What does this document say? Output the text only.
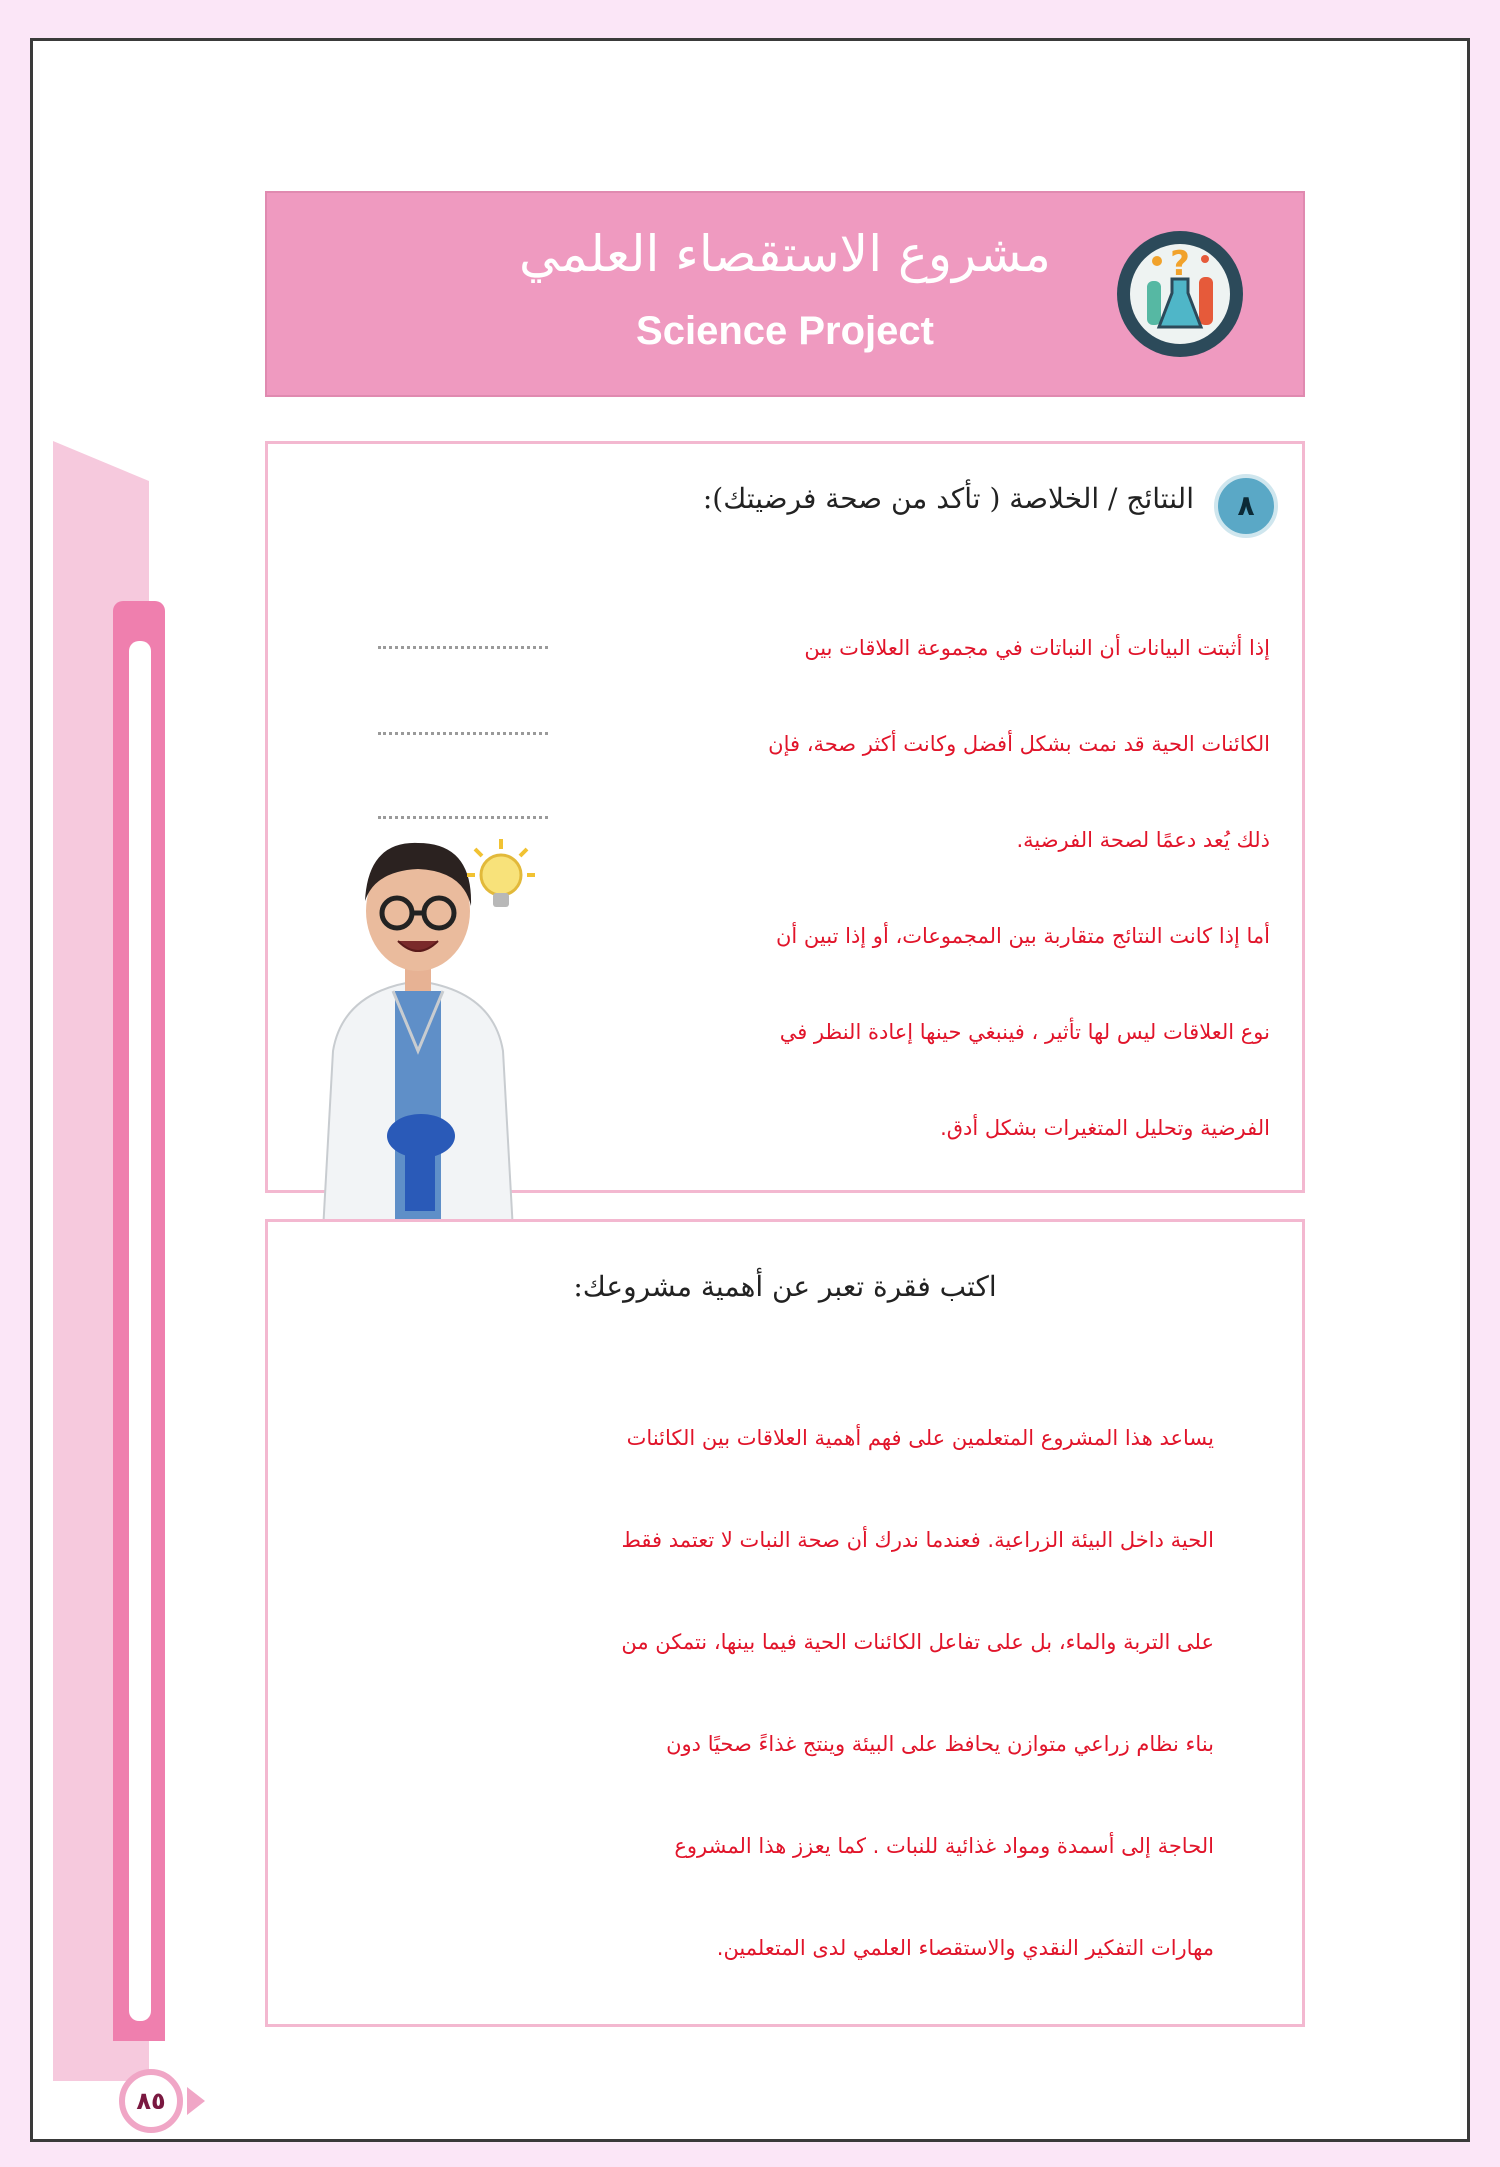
مشروع الاستقصاء العلمي
Science Project
?
٨
النتائج / الخلاصة ( تأكد من صحة فرضيتك):
إذا أثبتت البيانات أن النباتات في مجموعة العلاقات بين
الكائنات الحية قد نمت بشكل أفضل وكانت أكثر صحة، فإن
ذلك يُعد دعمًا لصحة الفرضية.
أما إذا كانت النتائج متقاربة بين المجموعات، أو إذا تبين أن
نوع العلاقات ليس لها تأثير ، فينبغي حينها إعادة النظر في
الفرضية وتحليل المتغيرات بشكل أدق.
اكتب فقرة تعبر عن أهمية مشروعك:
يساعد هذا المشروع المتعلمين على فهم أهمية العلاقات بين الكائنات
الحية داخل البيئة الزراعية. فعندما ندرك أن صحة النبات لا تعتمد فقط
على التربة والماء، بل على تفاعل الكائنات الحية فيما بينها، نتمكن من
بناء نظام زراعي متوازن يحافظ على البيئة وينتج غذاءً صحيًا دون
الحاجة إلى أسمدة ومواد غذائية للنبات . كما يعزز هذا المشروع
مهارات التفكير النقدي والاستقصاء العلمي لدى المتعلمين.
٨٥
